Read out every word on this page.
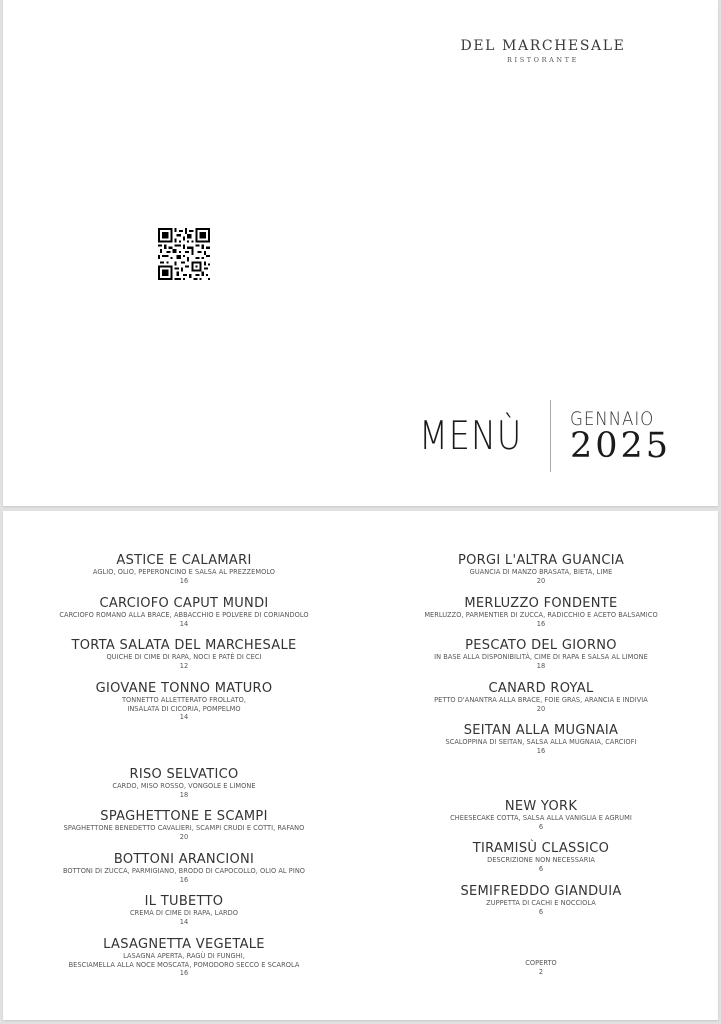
DEL MARCHESALE
RISTORANTE
MENÙ	GENNAIO
2025
ASTICE E CALAMARI
AGLIO, OLIO, PEPERONCINO E SALSA AL PREZZEMOLO
16
CARCIOFO CAPUT MUNDI
CARCIOFO ROMANO ALLA BRACE, ABBACCHIO E POLVERE DI CORIANDOLO
14
TORTA SALATA DEL MARCHESALE
QUICHE DI CIME DI RAPA, NOCI E PATÈ DI CECI
12
GIOVANE TONNO MATURO
TONNETTO ALLETTERATO FROLLATO,
INSALATA DI CICORIA, POMPELMO
14
RISO SELVATICO
CARDO, MISO ROSSO, VONGOLE E LIMONE
18
SPAGHETTONE E SCAMPI
SPAGHETTONE BENEDETTO CAVALIERI, SCAMPI CRUDI E COTTI, RAFANO
20
BOTTONI ARANCIONI
BOTTONI DI ZUCCA, PARMIGIANO, BRODO DI CAPOCOLLO, OLIO AL PINO
16
IL TUBETTO
CREMA DI CIME DI RAPA, LARDO
14
LASAGNETTA VEGETALE
LASAGNA APERTA, RAGÙ DI FUNGHI,
BESCIAMELLA ALLA NOCE MOSCATA, POMODORO SECCO E SCAROLA
16
PORGI L'ALTRA GUANCIA
GUANCIA DI MANZO BRASATA, BIETA, LIME
20
MERLUZZO FONDENTE
MERLUZZO, PARMENTIER DI ZUCCA, RADICCHIO E ACETO BALSAMICO
16
PESCATO DEL GIORNO
IN BASE ALLA DISPONIBILITÀ, CIME DI RAPA E SALSA AL LIMONE
18
CANARD ROYAL
PETTO D'ANANTRA ALLA BRACE, FOIE GRAS, ARANCIA E INDIVIA
20
SEITAN ALLA MUGNAIA
SCALOPPINA DI SEITAN, SALSA ALLA MUGNAIA, CARCIOFI
16
NEW YORK
CHEESECAKE COTTA, SALSA ALLA VANIGLIA E AGRUMI
6
TIRAMISÙ CLASSICO
DESCRIZIONE NON NECESSARIA
6
SEMIFREDDO GIANDUIA
ZUPPETTA DI CACHI E NOCCIOLA
6
COPERTO
2
